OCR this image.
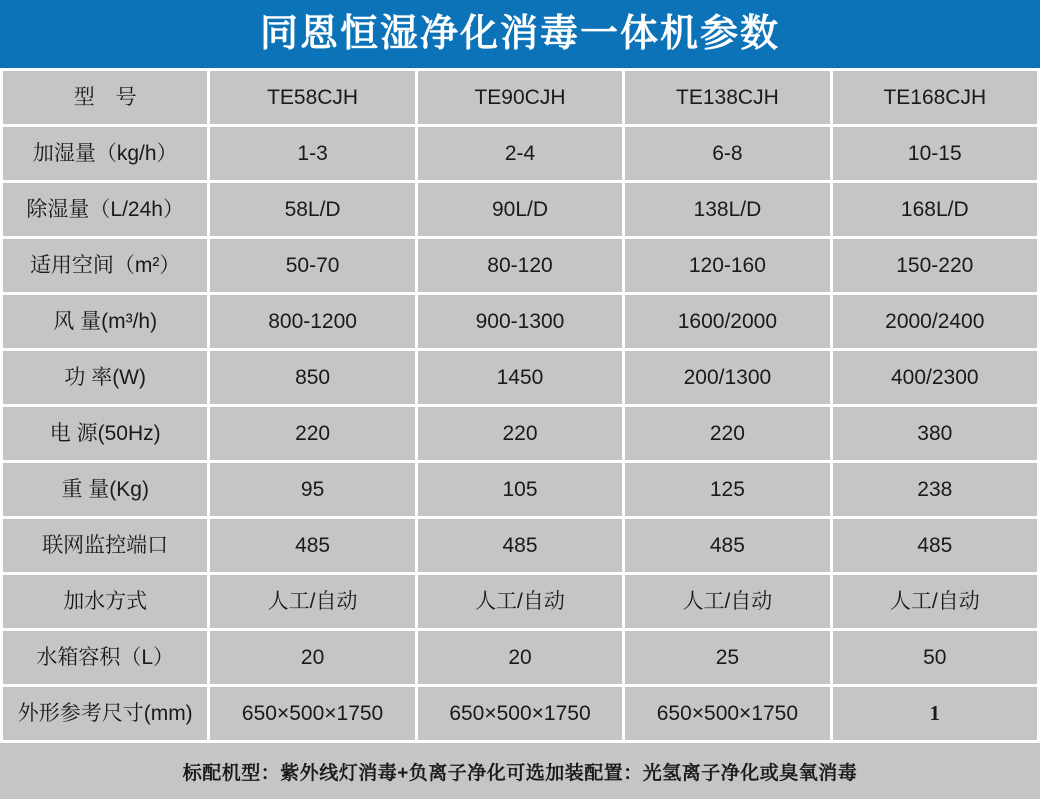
同恩恒湿净化消毒一体机参数
型　号	TE58CJH	TE90CJH	TE138CJH	TE168CJH
加湿量（kg/h）	1-3	2-4	6-8	10-15
除湿量（L/24h）	58L/D	90L/D	138L/D	168L/D
适用空间（m²）	50-70	80-120	120-160	150-220
风 量(m³/h)	800-1200	900-1300	1600/2000	2000/2400
功 率(W)	850	1450	200/1300	400/2300
电 源(50Hz)	220	220	220	380
重 量(Kg)	95	105	125	238
联网监控端口	485	485	485	485
加水方式	人工/自动	人工/自动	人工/自动	人工/自动
水箱容积（L）	20	20	25	50
外形参考尺寸(mm)	650×500×1750	650×500×1750	650×500×1750	1
标配机型：紫外线灯消毒+负离子净化可选加装配置：光氢离子净化或臭氧消毒
